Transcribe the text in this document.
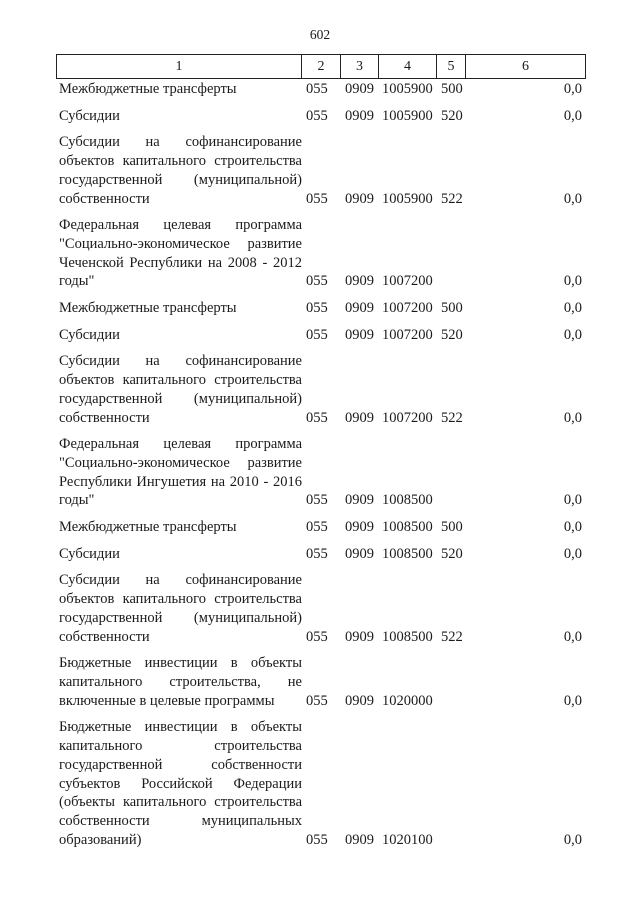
602
1	2	3	4	5	6
Межбюджетные трансферты	055 0909 1005900 500	0,0
Субсидии	055 0909 1005900 520	0,0
Субсидии на софинансирование объектов капитального строительства государственной (муниципальной) собственности	055 0909 1005900 522	0,0
Федеральная целевая программа "Социально-экономическое развитие Чеченской Республики на 2008 - 2012 годы"	055 0909 1007200	0,0
Межбюджетные трансферты	055 0909 1007200 500	0,0
Субсидии	055 0909 1007200 520	0,0
Субсидии на софинансирование объектов капитального строительства государственной (муниципальной) собственности	055 0909 1007200 522	0,0
Федеральная целевая программа "Социально-экономическое развитие Республики Ингушетия на 2010 - 2016 годы"	055 0909 1008500	0,0
Межбюджетные трансферты	055 0909 1008500 500	0,0
Субсидии	055 0909 1008500 520	0,0
Субсидии на софинансирование объектов капитального строительства государственной (муниципальной) собственности	055 0909 1008500 522	0,0
Бюджетные инвестиции в объекты капитального строительства, не включенные в целевые программы	055 0909 1020000	0,0
Бюджетные инвестиции в объекты капитального строительства государственной собственности субъектов Российской Федерации (объекты капитального строительства собственности муниципальных образований)	055 0909 1020100	0,0
